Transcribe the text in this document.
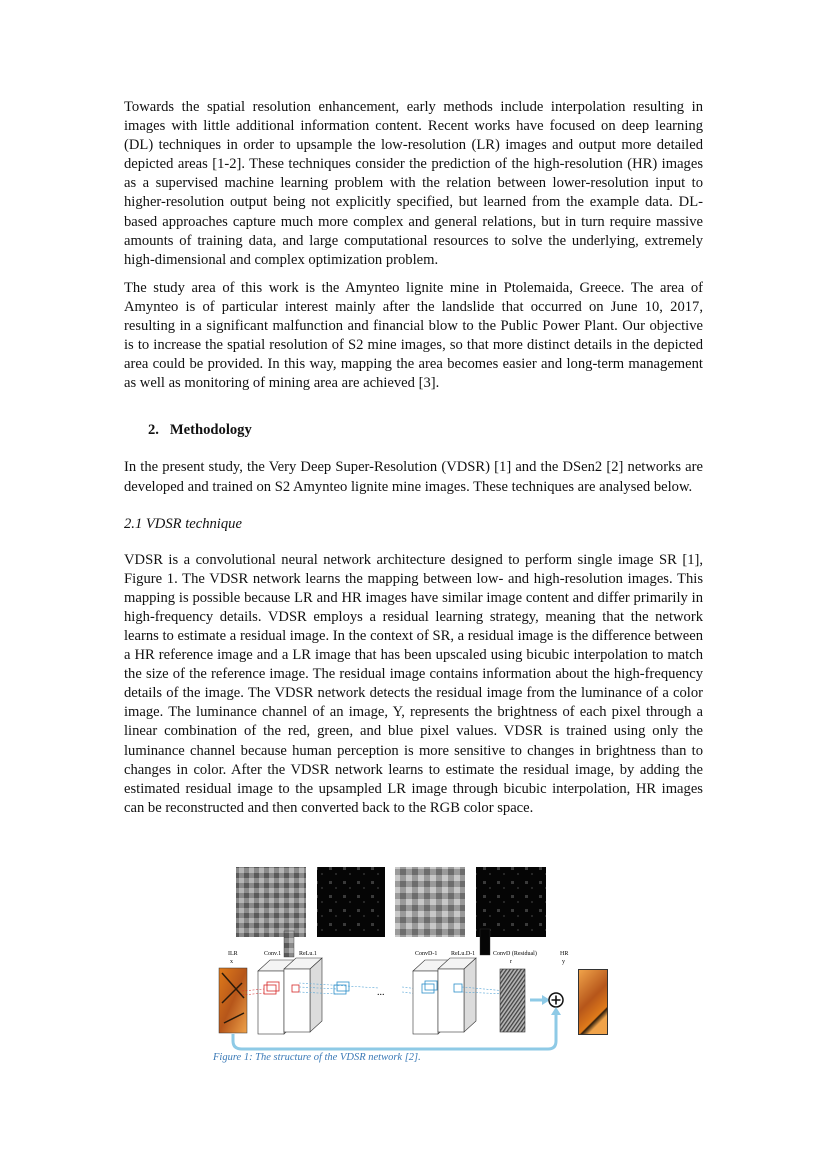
Towards the spatial resolution enhancement, early methods include interpolation resulting in images with little additional information content. Recent works have focused on deep learning (DL) techniques in order to upsample the low-resolution (LR) images and output more detailed depicted areas [1-2]. These techniques consider the prediction of the high-resolution (HR) images as a supervised machine learning problem with the relation between lower-resolution input to higher-resolution output being not explicitly specified, but learned from the example data. DL-based approaches capture much more complex and general relations, but in turn require massive amounts of training data, and large computational resources to solve the underlying, extremely high-dimensional and complex optimization problem.

The study area of this work is the Amynteo lignite mine in Ptolemaida, Greece. The area of Amynteo is of particular interest mainly after the landslide that occurred on June 10, 2017, resulting in a significant malfunction and financial blow to the Public Power Plant. Our objective is to increase the spatial resolution of S2 mine images, so that more distinct details in the depicted area could be provided. In this way, mapping the area becomes easier and long-term management as well as monitoring of mining area are achieved [3].

2.   Methodology

In the present study, the Very Deep Super-Resolution (VDSR) [1] and the DSen2 [2] networks are developed and trained on S2 Amynteo lignite mine images. These techniques are analysed below.

2.1 VDSR technique

VDSR is a convolutional neural network architecture designed to perform single image SR [1], Figure 1. The VDSR network learns the mapping between low- and high-resolution images. This mapping is possible because LR and HR images have similar image content and differ primarily in high-frequency details. VDSR employs a residual learning strategy, meaning that the network learns to estimate a residual image. In the context of SR, a residual image is the difference between a HR reference image and a LR image that has been upscaled using bicubic interpolation to match the size of the reference image. The residual image contains information about the high-frequency details of the image. The VDSR network detects the residual image from the luminance of a color image. The luminance channel of an image, Y, represents the brightness of each pixel through a linear combination of the red, green, and blue pixel values. VDSR is trained using only the luminance channel because human perception is more sensitive to changes in brightness than to changes in color. After the VDSR network learns to estimate the residual image, by adding the estimated residual image to the upsampled LR image through bicubic interpolation, HR images can be reconstructed and then converted back to the RGB color space.

ILR
x
Conv.1	ReLu.1	ConvD-1 ReLu.D-1	ConvD (Residual)
r
HR
y
...
Figure 1: The structure of the VDSR network [2].
